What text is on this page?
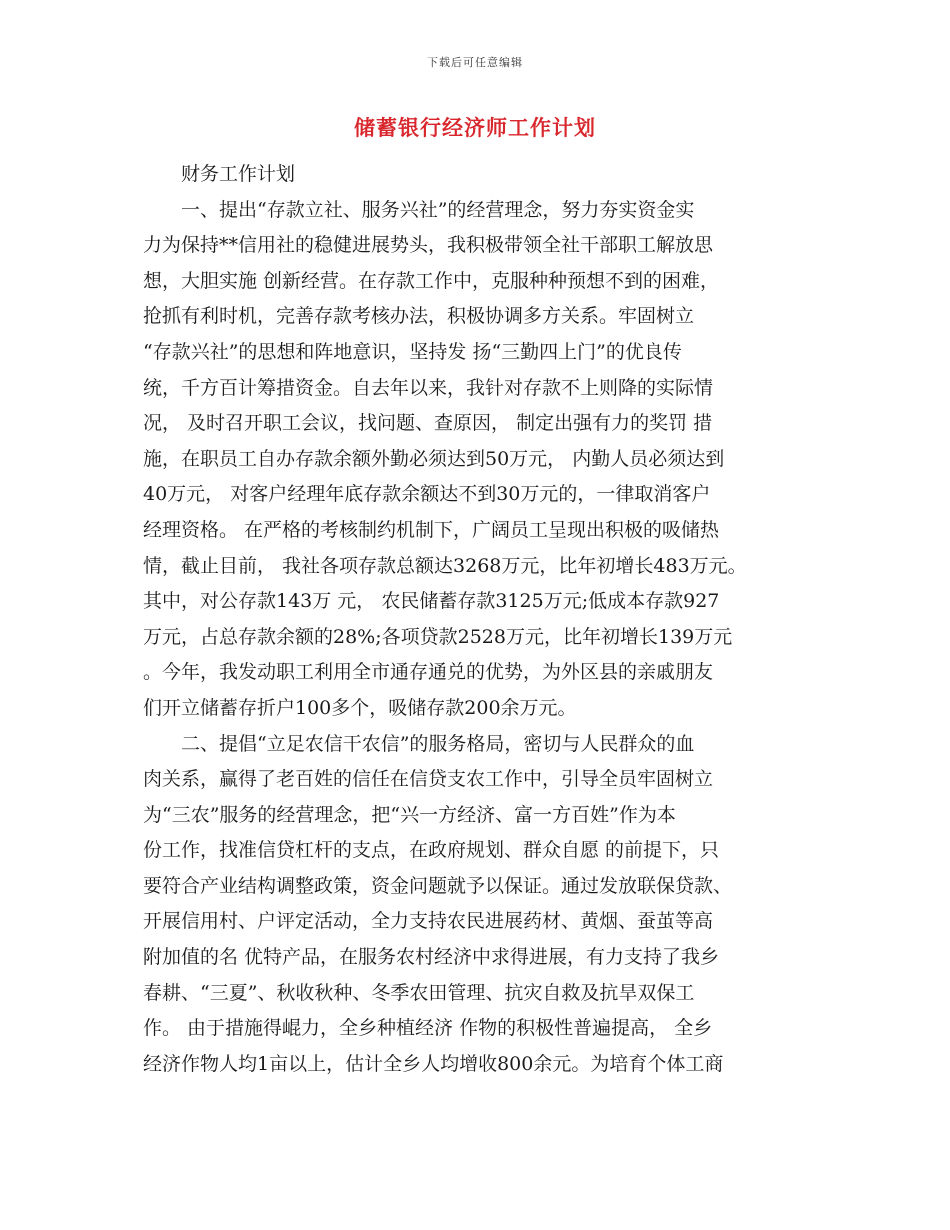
下载后可任意编辑
储蓄银行经济师工作计划
财务工作计划
一、提出“存款立社、服务兴社”的经营理念，努力夯实资金实
力为保持**信用社的稳健进展势头，我积极带领全社干部职工解放思
想，大胆实施 创新经营。在存款工作中，克服种种预想不到的困难，
抢抓有利时机，完善存款考核办法，积极协调多方关系。牢固树立
“存款兴社”的思想和阵地意识，坚持发 扬“三勤四上门”的优良传
统，千方百计筹措资金。自去年以来，我针对存款不上则降的实际情
况， 及时召开职工会议，找问题、查原因， 制定出强有力的奖罚 措
施，在职员工自办存款余额外勤必须达到50万元， 内勤人员必须达到
40万元， 对客户经理年底存款余额达不到30万元的，一律取消客户
经理资格。 在严格的考核制约机制下，广阔员工呈现出积极的吸储热
情，截止目前， 我社各项存款总额达3268万元，比年初增长483万元。
其中，对公存款143万 元， 农民储蓄存款3125万元;低成本存款927
万元，占总存款余额的28%;各项贷款2528万元，比年初增长139万元
。今年，我发动职工利用全市通存通兑的优势，为外区县的亲戚朋友
们开立储蓄存折户100多个，吸储存款200余万元。
二、提倡“立足农信干农信”的服务格局，密切与人民群众的血
肉关系，赢得了老百姓的信任在信贷支农工作中，引导全员牢固树立
为“三农”服务的经营理念，把“兴一方经济、富一方百姓”作为本
份工作，找准信贷杠杆的支点，在政府规划、群众自愿 的前提下，只
要符合产业结构调整政策，资金问题就予以保证。通过发放联保贷款、
开展信用村、户评定活动，全力支持农民进展药材、黄烟、蚕茧等高
附加值的名 优特产品，在服务农村经济中求得进展，有力支持了我乡
春耕、“三夏”、秋收秋种、冬季农田管理、抗灾自救及抗旱双保工
作。 由于措施得崐力，全乡种植经济 作物的积极性普遍提高， 全乡
经济作物人均1亩以上，估计全乡人均增收800余元。为培育个体工商
